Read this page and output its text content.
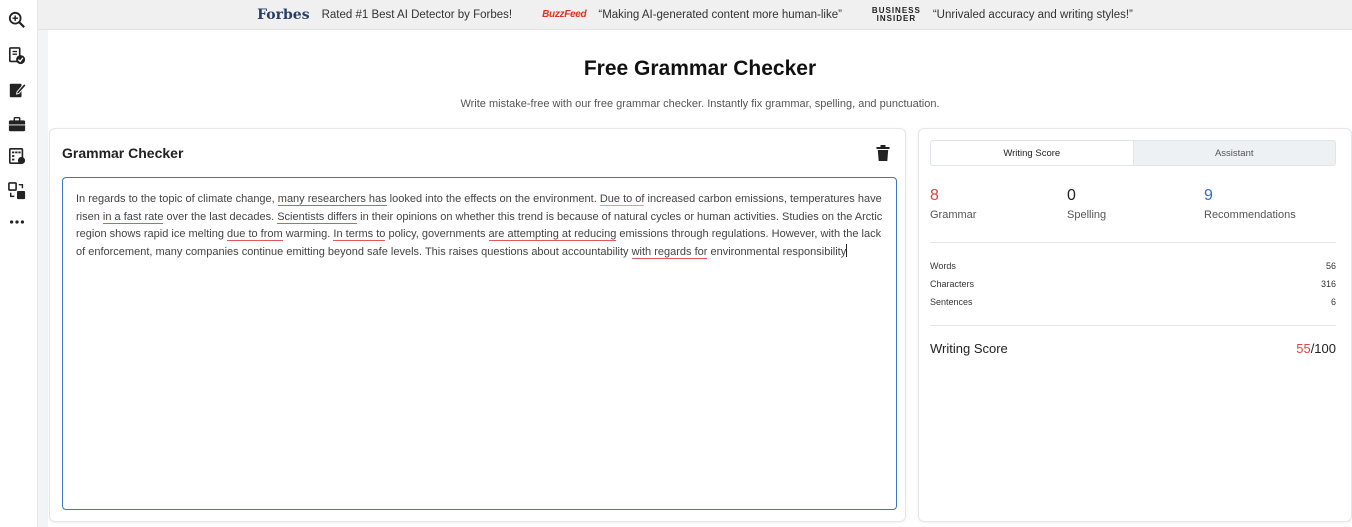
Forbes Rated #1 Best AI Detector by Forbes!	BuzzFeed “Making AI-generated content more human-like”	BUSINESS
INSIDER	“Unrivaled accuracy and writing styles!”
Free Grammar Checker
Write mistake-free with our free grammar checker. Instantly fix grammar, spelling, and punctuation.
Grammar Checker
In regards to the topic of climate change, many researchers has looked into the effects on the environment. Due to of increased carbon emissions, temperatures have risen in a fast rate over the last decades. Scientists differs in their opinions on whether this trend is because of natural cycles or human activities. Studies on the Arctic region shows rapid ice melting due to from warming. In terms to policy, governments are attempting at reducing emissions through regulations. However, with the lack of enforcement, many companies continue emitting beyond safe levels. This raises questions about accountability with regards for environmental responsibility
Writing Score	Assistant
8
Grammar
0
Spelling
9
Recommendations
Words	56
Characters	316
Sentences	6
Writing Score	55/100
